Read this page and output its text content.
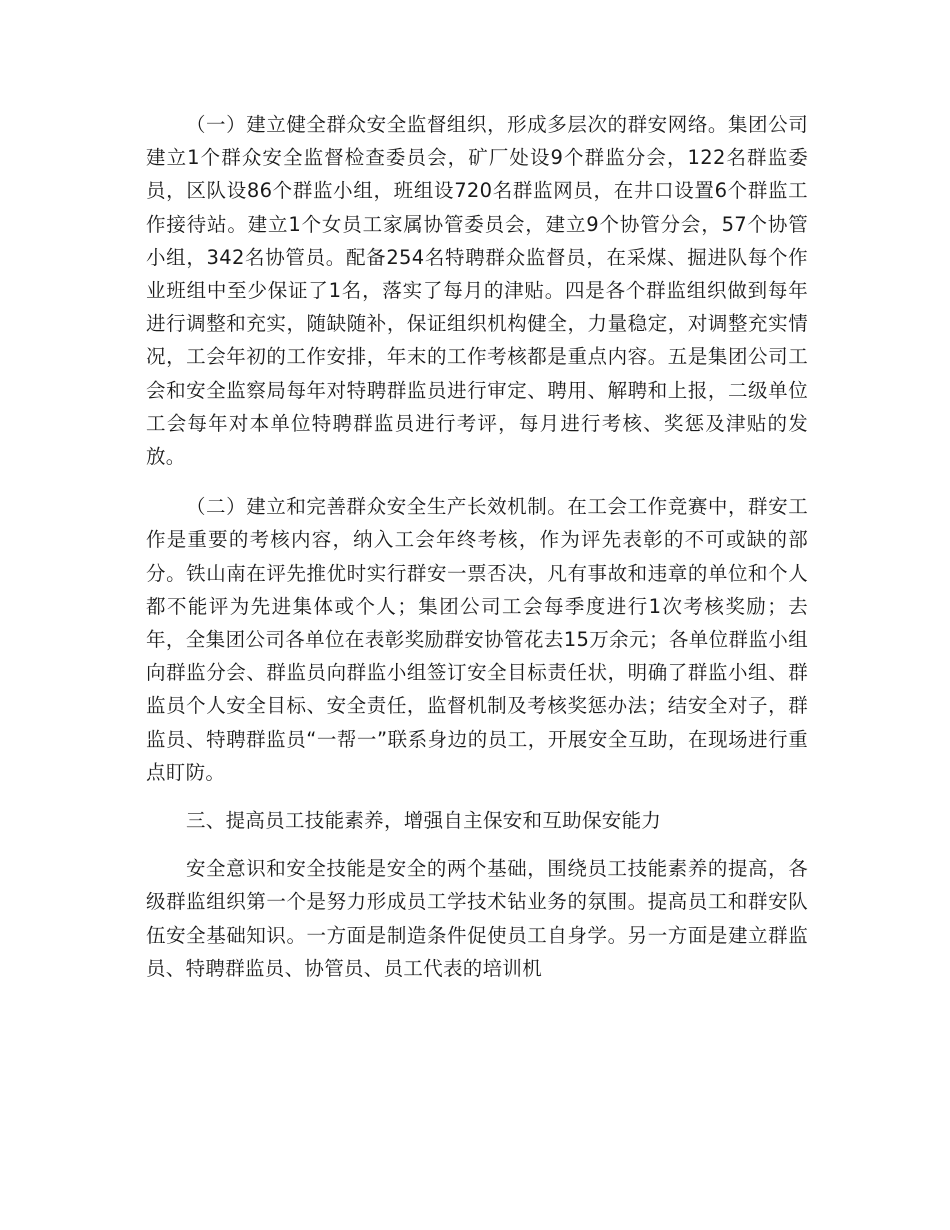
（一）建立健全群众安全监督组织，形成多层次的群安网络。集团公司建立1个群众安全监督检查委员会，矿厂处设9个群监分会，122名群监委员，区队设86个群监小组，班组设720名群监网员，在井口设置6个群监工作接待站。建立1个女员工家属协管委员会，建立9个协管分会，57个协管小组，342名协管员。配备254名特聘群众监督员，在采煤、掘进队每个作业班组中至少保证了1名，落实了每月的津贴。四是各个群监组织做到每年进行调整和充实，随缺随补，保证组织机构健全，力量稳定，对调整充实情况，工会年初的工作安排，年末的工作考核都是重点内容。五是集团公司工会和安全监察局每年对特聘群监员进行审定、聘用、解聘和上报，二级单位工会每年对本单位特聘群监员进行考评，每月进行考核、奖惩及津贴的发放。

（二）建立和完善群众安全生产长效机制。在工会工作竞赛中，群安工作是重要的考核内容，纳入工会年终考核，作为评先表彰的不可或缺的部分。铁山南在评先推优时实行群安一票否决，凡有事故和违章的单位和个人都不能评为先进集体或个人；集团公司工会每季度进行1次考核奖励；去年，全集团公司各单位在表彰奖励群安协管花去15万余元；各单位群监小组向群监分会、群监员向群监小组签订安全目标责任状，明确了群监小组、群监员个人安全目标、安全责任，监督机制及考核奖惩办法；结安全对子，群监员、特聘群监员“一帮一”联系身边的员工，开展安全互助，在现场进行重点盯防。

三、提高员工技能素养，增强自主保安和互助保安能力

安全意识和安全技能是安全的两个基础，围绕员工技能素养的提高，各级群监组织第一个是努力形成员工学技术钻业务的氛围。提高员工和群安队伍安全基础知识。一方面是制造条件促使员工自身学。另一方面是建立群监员、特聘群监员、协管员、员工代表的培训机
